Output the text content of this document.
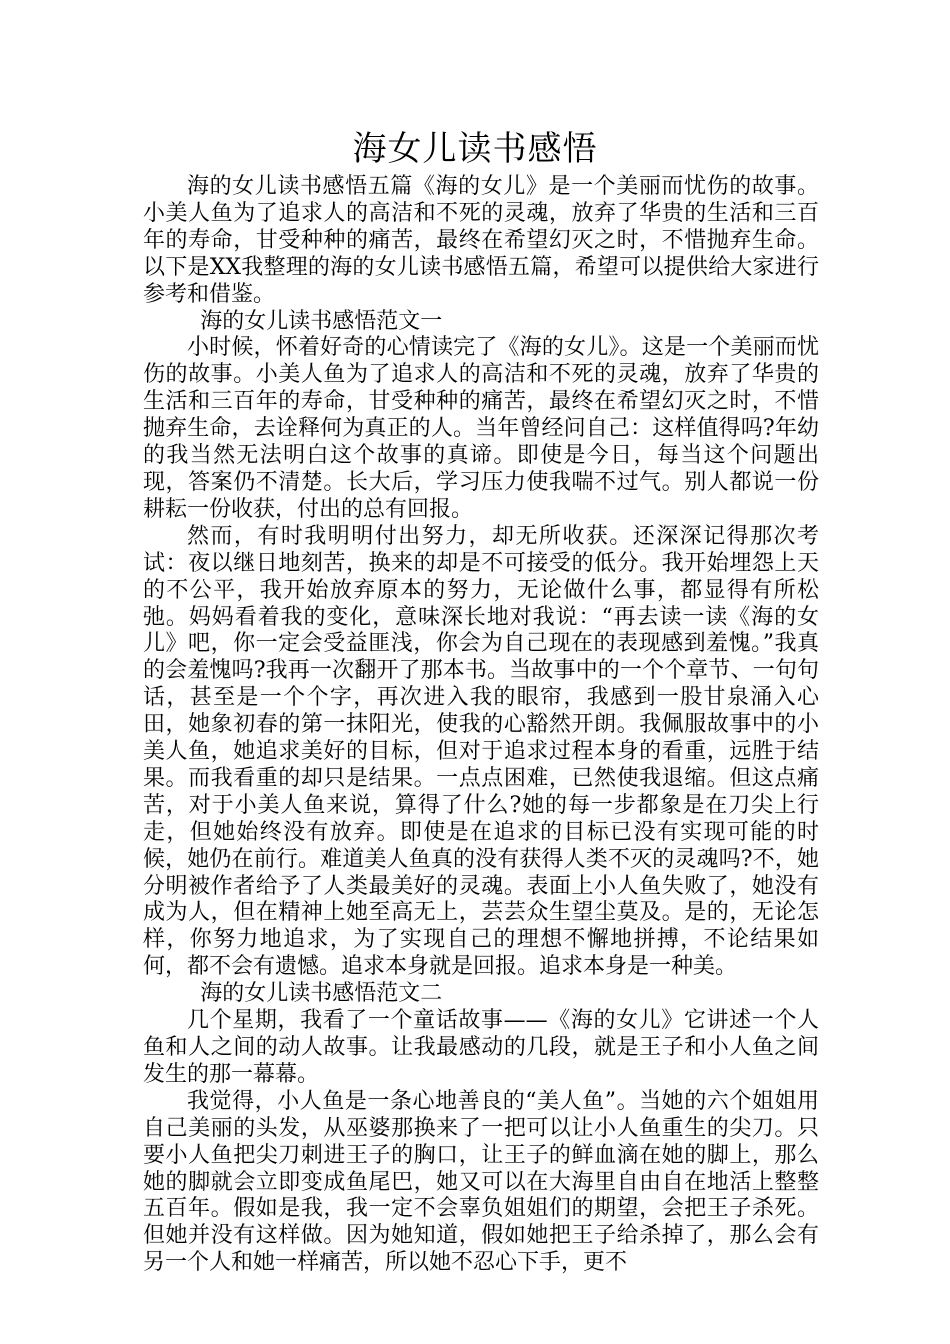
海女儿读书感悟

海的女儿读书感悟五篇《海的女儿》是一个美丽而忧伤的故事。小美人鱼为了追求人的高洁和不死的灵魂，放弃了华贵的生活和三百年的寿命，甘受种种的痛苦，最终在希望幻灭之时，不惜抛弃生命。以下是XX我整理的海的女儿读书感悟五篇，希望可以提供给大家进行参考和借鉴。

海的女儿读书感悟范文一

小时候，怀着好奇的心情读完了《海的女儿》。这是一个美丽而忧伤的故事。小美人鱼为了追求人的高洁和不死的灵魂，放弃了华贵的生活和三百年的寿命，甘受种种的痛苦，最终在希望幻灭之时，不惜抛弃生命，去诠释何为真正的人。当年曾经问自己：这样值得吗?年幼的我当然无法明白这个故事的真谛。即使是今日，每当这个问题出现，答案仍不清楚。长大后，学习压力使我喘不过气。别人都说一份耕耘一份收获，付出的总有回报。

然而，有时我明明付出努力，却无所收获。还深深记得那次考试：夜以继日地刻苦，换来的却是不可接受的低分。我开始埋怨上天的不公平，我开始放弃原本的努力，无论做什么事，都显得有所松弛。妈妈看着我的变化，意味深长地对我说：“再去读一读《海的女儿》吧，你一定会受益匪浅，你会为自己现在的表现感到羞愧。”我真的会羞愧吗?我再一次翻开了那本书。当故事中的一个个章节、一句句话，甚至是一个个字，再次进入我的眼帘，我感到一股甘泉涌入心田，她象初春的第一抹阳光，使我的心豁然开朗。我佩服故事中的小美人鱼，她追求美好的目标，但对于追求过程本身的看重，远胜于结果。而我看重的却只是结果。一点点困难，已然使我退缩。但这点痛苦，对于小美人鱼来说，算得了什么?她的每一步都象是在刀尖上行走，但她始终没有放弃。即使是在追求的目标已没有实现可能的时候，她仍在前行。难道美人鱼真的没有获得人类不灭的灵魂吗?不，她分明被作者给予了人类最美好的灵魂。表面上小人鱼失败了，她没有成为人，但在精神上她至高无上，芸芸众生望尘莫及。是的，无论怎样，你努力地追求，为了实现自己的理想不懈地拼搏，不论结果如何，都不会有遗憾。追求本身就是回报。追求本身是一种美。

海的女儿读书感悟范文二

几个星期，我看了一个童话故事——《海的女儿》它讲述一个人鱼和人之间的动人故事。让我最感动的几段，就是王子和小人鱼之间发生的那一幕幕。

我觉得，小人鱼是一条心地善良的“美人鱼”。当她的六个姐姐用自己美丽的头发，从巫婆那换来了一把可以让小人鱼重生的尖刀。只要小人鱼把尖刀刺进王子的胸口，让王子的鲜血滴在她的脚上，那么她的脚就会立即变成鱼尾巴，她又可以在大海里自由自在地活上整整五百年。假如是我，我一定不会辜负姐姐们的期望，会把王子杀死。但她并没有这样做。因为她知道，假如她把王子给杀掉了，那么会有另一个人和她一样痛苦，所以她不忍心下手，更不
